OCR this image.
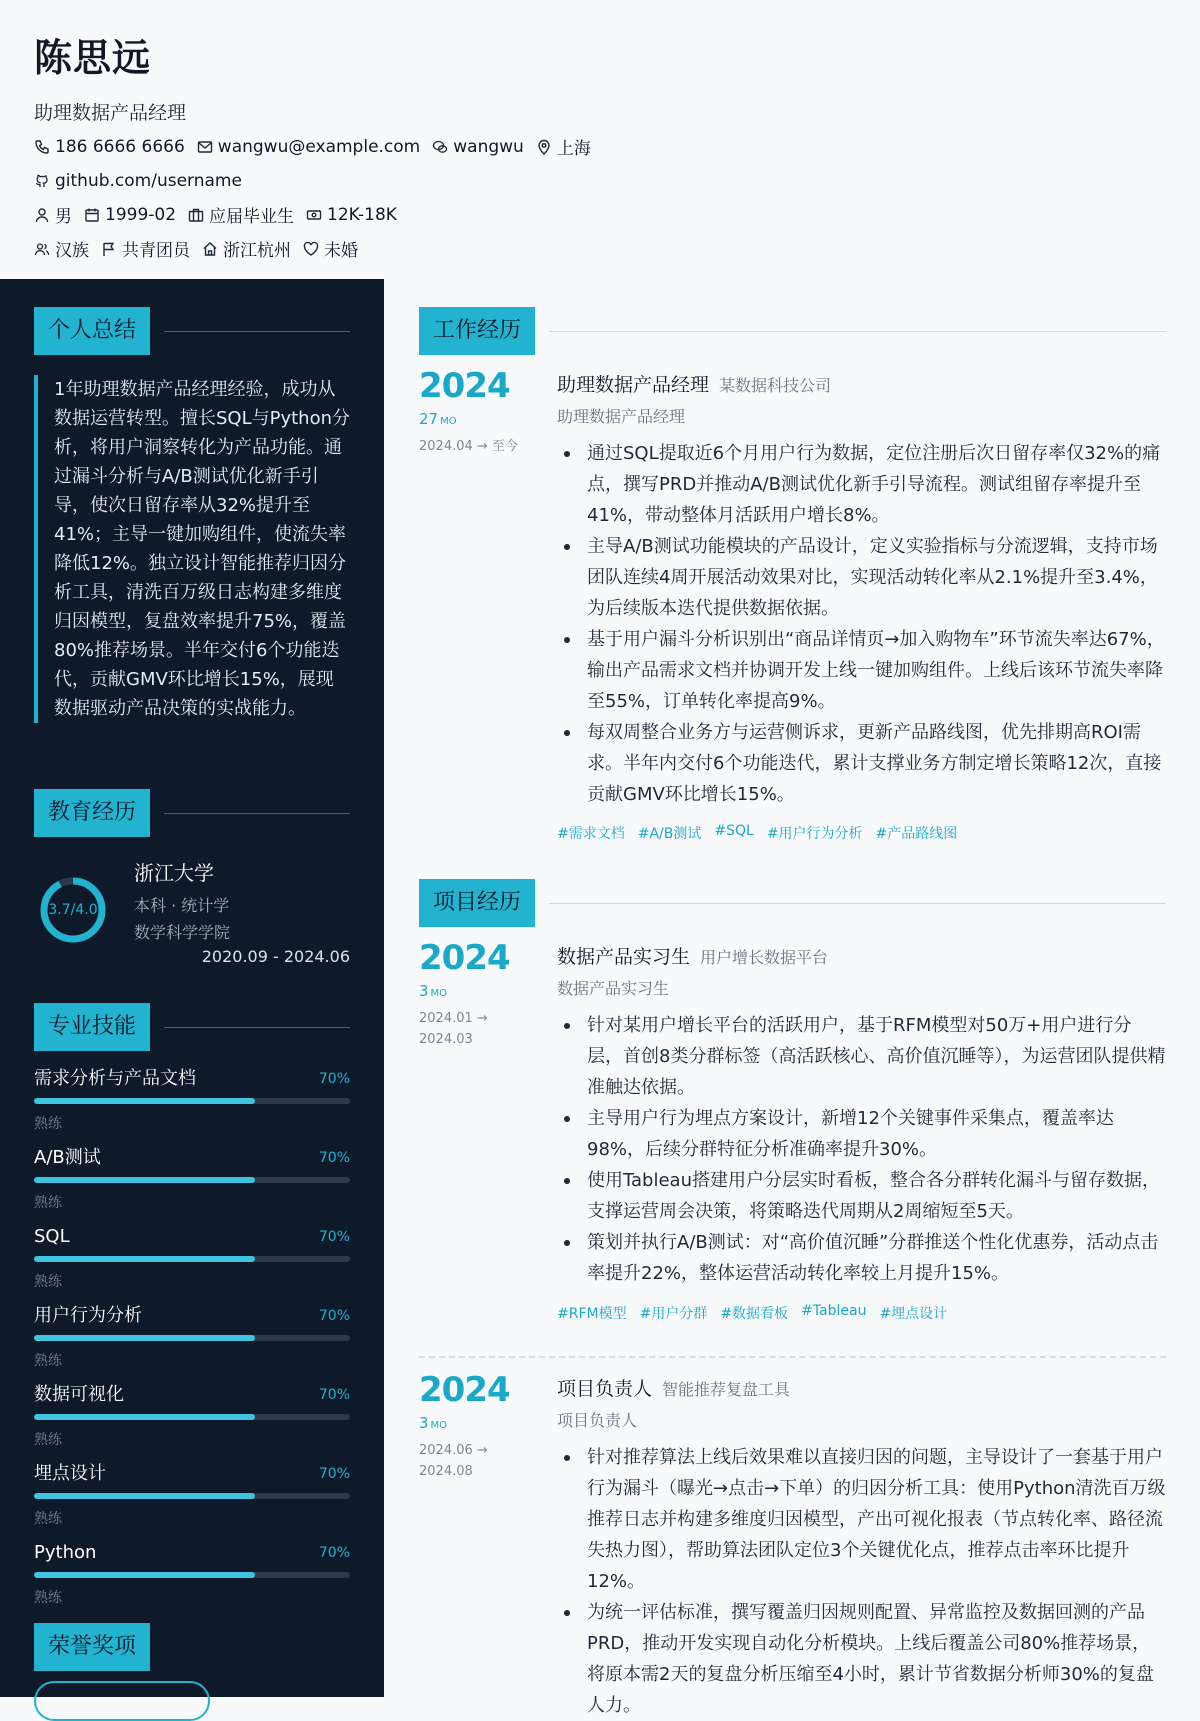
陈思远
助理数据产品经理
186 6666 6666 wangwu@example.com wangwu 上海
github.com/username
男 1999-02 应届毕业生 12K-18K
汉族 共青团员 浙江杭州 未婚
个人总结
1年助理数据产品经理经验，成功从数据运营转型。擅长SQL与Python分析，将用户洞察转化为产品功能。通过漏斗分析与A/B测试优化新手引导，使次日留存率从32%提升至41%；主导一键加购组件，使流失率降低12%。独立设计智能推荐归因分析工具，清洗百万级日志构建多维度归因模型，复盘效率提升75%，覆盖80%推荐场景。半年交付6个功能迭代，贡献GMV环比增长15%，展现数据驱动产品决策的实战能力。
教育经历
3.7/4.0
浙江大学
本科 · 统计学
数学科学学院
2020.09 - 2024.06
专业技能
需求分析与产品文档	70%
熟练
A/B测试	70%
熟练
SQL	70%
熟练
用户行为分析	70%
熟练
数据可视化	70%
熟练
埋点设计	70%
熟练
Python	70%
熟练
荣誉奖项
工作经历
2024
27 MO
2024.04 → 至今
助理数据产品经理 某数据科技公司
助理数据产品经理
通过SQL提取近6个月用户行为数据，定位注册后次日留存率仅32%的痛点，撰写PRD并推动A/B测试优化新手引导流程。测试组留存率提升至41%，带动整体月活跃用户增长8%。
主导A/B测试功能模块的产品设计，定义实验指标与分流逻辑，支持市场团队连续4周开展活动效果对比，实现活动转化率从2.1%提升至3.4%，为后续版本迭代提供数据依据。
基于用户漏斗分析识别出“商品详情页→加入购物车”环节流失率达67%，输出产品需求文档并协调开发上线一键加购组件。上线后该环节流失率降至55%，订单转化率提高9%。
每双周整合业务方与运营侧诉求，更新产品路线图，优先排期高ROI需求。半年内交付6个功能迭代，累计支撑业务方制定增长策略12次，直接贡献GMV环比增长15%。
#需求文档 #A/B测试 #SQL #用户行为分析 #产品路线图
项目经历
2024
3 MO
2024.01 → 2024.03
数据产品实习生 用户增长数据平台
数据产品实习生
针对某用户增长平台的活跃用户，基于RFM模型对50万+用户进行分层，首创8类分群标签（高活跃核心、高价值沉睡等），为运营团队提供精准触达依据。
主导用户行为埋点方案设计，新增12个关键事件采集点，覆盖率达98%，后续分群特征分析准确率提升30%。
使用Tableau搭建用户分层实时看板，整合各分群转化漏斗与留存数据，支撑运营周会决策，将策略迭代周期从2周缩短至5天。
策划并执行A/B测试：对“高价值沉睡”分群推送个性化优惠券，活动点击率提升22%，整体运营活动转化率较上月提升15%。
#RFM模型 #用户分群 #数据看板 #Tableau #埋点设计
2024
3 MO
2024.06 → 2024.08
项目负责人 智能推荐复盘工具
项目负责人
针对推荐算法上线后效果难以直接归因的问题，主导设计了一套基于用户行为漏斗（曝光→点击→下单）的归因分析工具：使用Python清洗百万级推荐日志并构建多维度归因模型，产出可视化报表（节点转化率、路径流失热力图），帮助算法团队定位3个关键优化点，推荐点击率环比提升12%。
为统一评估标准，撰写覆盖归因规则配置、异常监控及数据回测的产品PRD，推动开发实现自动化分析模块。上线后覆盖公司80%推荐场景，将原本需2天的复盘分析压缩至4小时，累计节省数据分析师30%的复盘人力。
